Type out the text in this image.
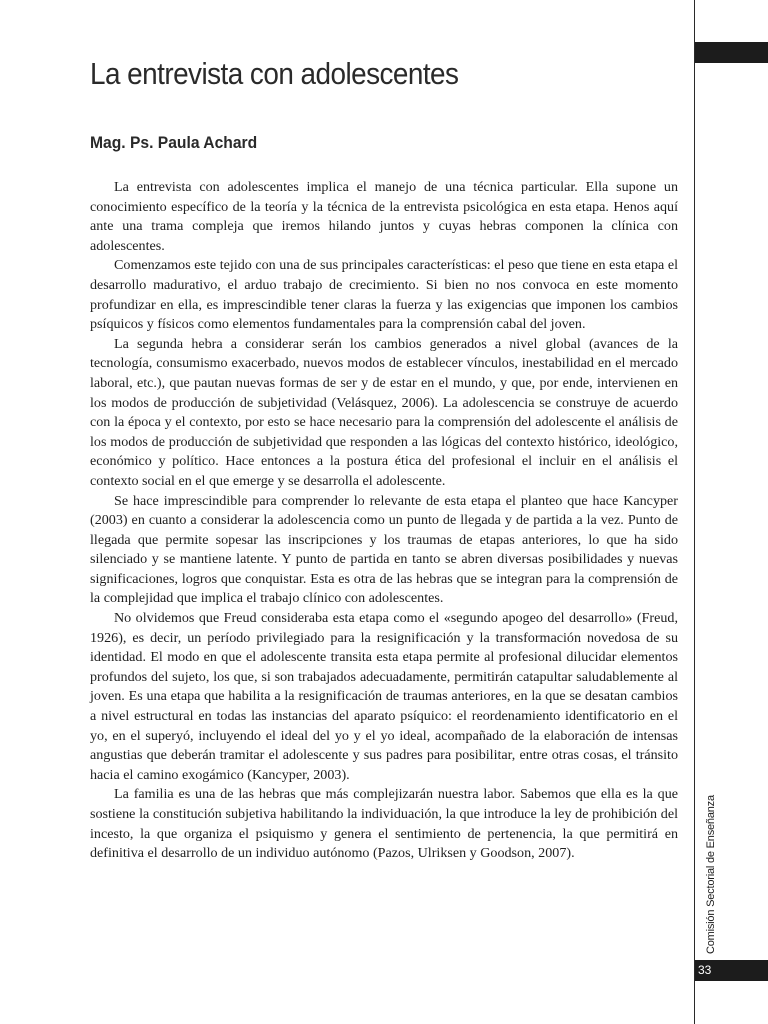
33
Comisión Sectorial de Enseñanza
La entrevista con adolescentes
Mag. Ps. Paula Achard

La entrevista con adolescentes implica el manejo de una técnica particular. Ella supone un conocimiento específico de la teoría y la técnica de la entrevista psicológica en esta etapa. Henos aquí ante una trama compleja que iremos hilando juntos y cuyas hebras componen la clínica con adolescentes.

Comenzamos este tejido con una de sus principales características: el peso que tiene en esta etapa el desarrollo madurativo, el arduo trabajo de crecimiento. Si bien no nos convoca en este momento profundizar en ella, es imprescindible tener claras la fuerza y las exigencias que imponen los cambios psíquicos y físicos como elementos fundamentales para la comprensión cabal del joven.

La segunda hebra a considerar serán los cambios generados a nivel global (avances de la tecnología, consumismo exacerbado, nuevos modos de establecer vínculos, inestabilidad en el mercado laboral, etc.), que pautan nuevas formas de ser y de estar en el mundo, y que, por ende, intervienen en los modos de producción de subjetividad (Velásquez, 2006). La adolescencia se construye de acuerdo con la época y el contexto, por esto se hace necesario para la comprensión del adolescente el análisis de los modos de producción de subjetividad que responden a las lógicas del contexto histórico, ideológico, económico y político. Hace entonces a la postura ética del profesional el incluir en el análisis el contexto social en el que emerge y se desarrolla el adolescente.

Se hace imprescindible para comprender lo relevante de esta etapa el planteo que hace Kancyper (2003) en cuanto a considerar la adolescencia como un punto de llegada y de partida a la vez. Punto de llegada que permite sopesar las inscripciones y los traumas de etapas anteriores, lo que ha sido silenciado y se mantiene latente. Y punto de partida en tanto se abren diversas posibilidades y nuevas significaciones, logros que conquistar. Esta es otra de las hebras que se integran para la comprensión de la complejidad que implica el trabajo clínico con adolescentes.

No olvidemos que Freud consideraba esta etapa como el «segundo apogeo del desarrollo» (Freud, 1926), es decir, un período privilegiado para la resignificación y la transformación novedosa de su identidad. El modo en que el adolescente transita esta etapa permite al profesional dilucidar elementos profundos del sujeto, los que, si son trabajados adecuadamente, permitirán catapultar saludablemente al joven. Es una etapa que habilita a la resignificación de traumas anteriores, en la que se desatan cambios a nivel estructural en todas las instancias del aparato psíquico: el reordenamiento identificatorio en el yo, en el superyó, incluyendo el ideal del yo y el yo ideal, acompañado de la elaboración de intensas angustias que deberán tramitar el adolescente y sus padres para posibilitar, entre otras cosas, el tránsito hacia el camino exogámico (Kancyper, 2003).

La familia es una de las hebras que más complejizarán nuestra labor. Sabemos que ella es la que sostiene la constitución subjetiva habilitando la individuación, la que introduce la ley de prohibición del incesto, la que organiza el psiquismo y genera el sentimiento de pertenencia, la que permitirá en definitiva el desarrollo de un individuo autónomo (Pazos, Ulriksen y Goodson, 2007).
